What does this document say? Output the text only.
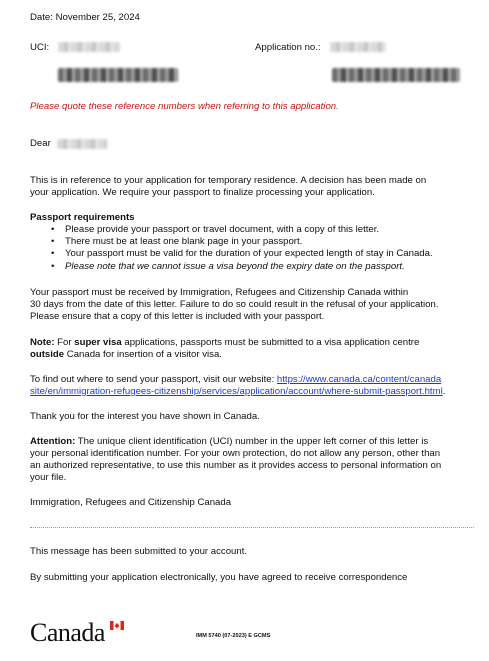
Date: November 25, 2024
UCI:	Application no.:
Please quote these reference numbers when referring to this application.
Dear
This is in reference to your application for temporary residence. A decision has been made on
your application. We require your passport to finalize processing your application.
Passport requirements
• Please provide your passport or travel document, with a copy of this letter.
• There must be at least one blank page in your passport.
• Your passport must be valid for the duration of your expected length of stay in Canada.
• Please note that we cannot issue a visa beyond the expiry date on the passport.
Your passport must be received by Immigration, Refugees and Citizenship Canada within
30 days from the date of this letter. Failure to do so could result in the refusal of your application.
Please ensure that a copy of this letter is included with your passport.
Note: For super visa applications, passports must be submitted to a visa application centre
outside Canada for insertion of a visitor visa.
To find out where to send your passport, visit our website: https://www.canada.ca/content/canada
site/en/immigration-refugees-citizenship/services/application/account/where-submit-passport.html.
Thank you for the interest you have shown in Canada.
Attention: The unique client identification (UCI) number in the upper left corner of this letter is
your personal identification number. For your own protection, do not allow any person, other than
an authorized representative, to use this number as it provides access to personal information on
your file.
Immigration, Refugees and Citizenship Canada
This message has been submitted to your account.
By submitting your application electronically, you have agreed to receive correspondence
Canada	IMM 5740 (07-2023) E GCMS
